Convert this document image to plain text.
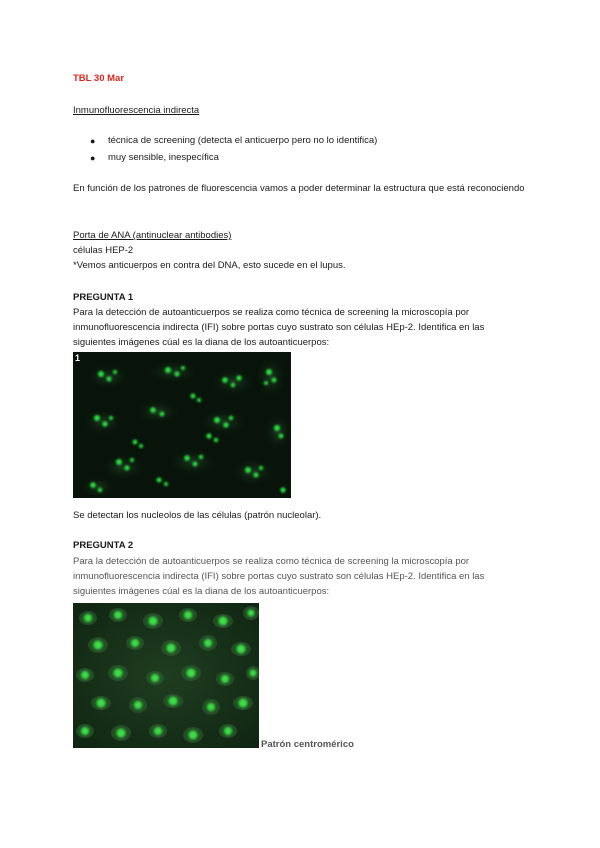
TBL 30 Mar
Inmunofluorescencia indirecta
● técnica de screening (detecta el anticuerpo pero no lo identifica)
● muy sensible, inespecífica
En función de los patrones de fluorescencia vamos a poder determinar la estructura que está reconociendo
Porta de ANA (antinuclear antibodies)
células HEP-2
*Vemos anticuerpos en contra del DNA, esto sucede en el lupus.
PREGUNTA 1
Para la detección de autoanticuerpos se realiza como técnica de screening la microscopía por
inmunofluorescencia indirecta (IFI) sobre portas cuyo sustrato son células HEp-2. Identifica en las
siguientes imágenes cúal es la diana de los autoanticuerpos:
1
Se detectan los nucleolos de las células (patrón nucleolar).
PREGUNTA 2
Para la detección de autoanticuerpos se realiza como técnica de screening la microscopía por
inmunofluorescencia indirecta (IFI) sobre portas cuyo sustrato son células HEp-2. Identifica en las
siguientes imágenes cúal es la diana de los autoanticuerpos:
Patrón centromérico
